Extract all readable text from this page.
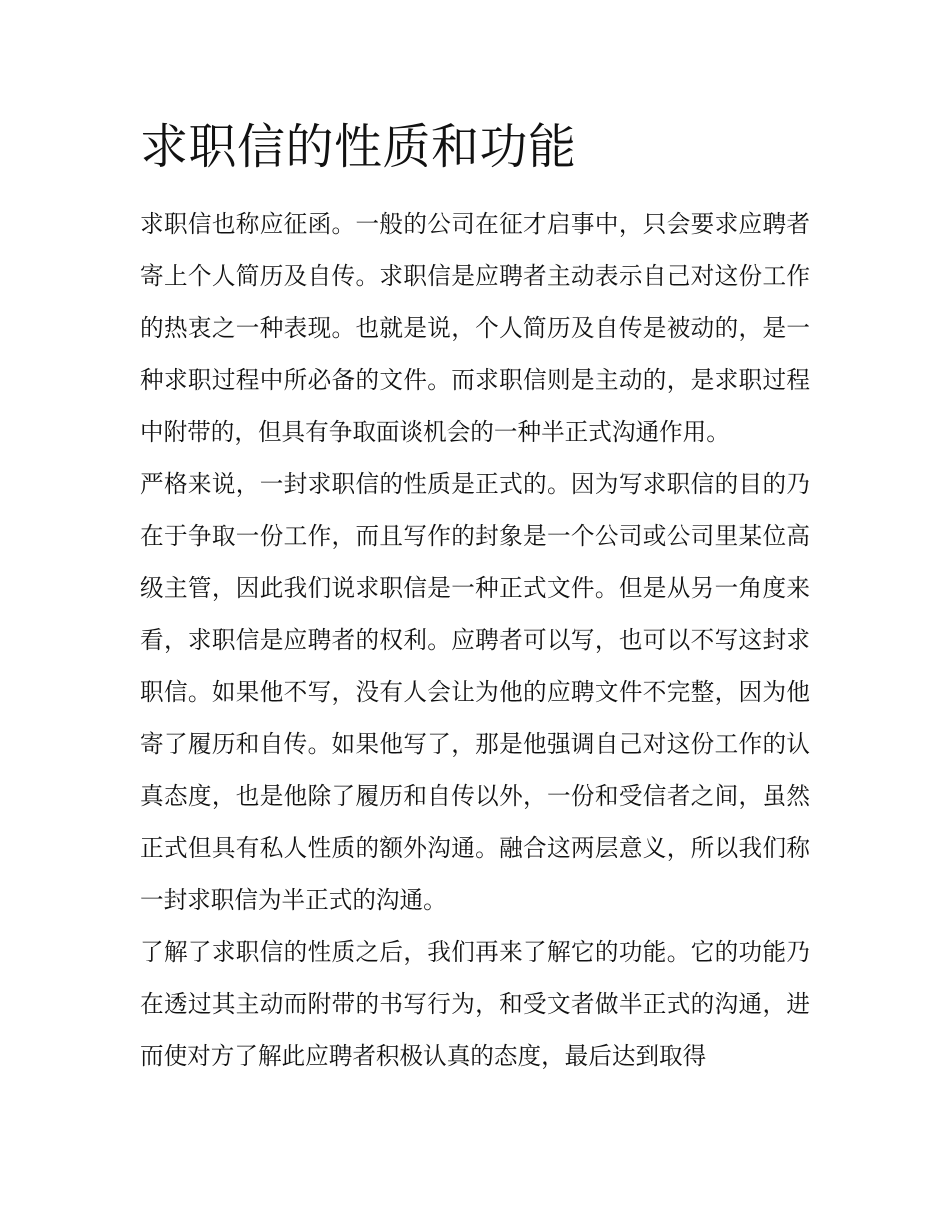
求职信的性质和功能

求职信也称应征函。一般的公司在征才启事中，只会要求应聘者寄上个人简历及自传。求职信是应聘者主动表示自己对这份工作的热衷之一种表现。也就是说，个人简历及自传是被动的，是一种求职过程中所必备的文件。而求职信则是主动的，是求职过程中附带的，但具有争取面谈机会的一种半正式沟通作用。

严格来说，一封求职信的性质是正式的。因为写求职信的目的乃在于争取一份工作，而且写作的封象是一个公司或公司里某位高级主管，因此我们说求职信是一种正式文件。但是从另一角度来看，求职信是应聘者的权利。应聘者可以写，也可以不写这封求职信。如果他不写，没有人会让为他的应聘文件不完整，因为他寄了履历和自传。如果他写了，那是他强调自己对这份工作的认真态度，也是他除了履历和自传以外，一份和受信者之间，虽然正式但具有私人性质的额外沟通。融合这两层意义，所以我们称一封求职信为半正式的沟通。

了解了求职信的性质之后，我们再来了解它的功能。它的功能乃在透过其主动而附带的书写行为，和受文者做半正式的沟通，进而使对方了解此应聘者积极认真的态度，最后达到取得
